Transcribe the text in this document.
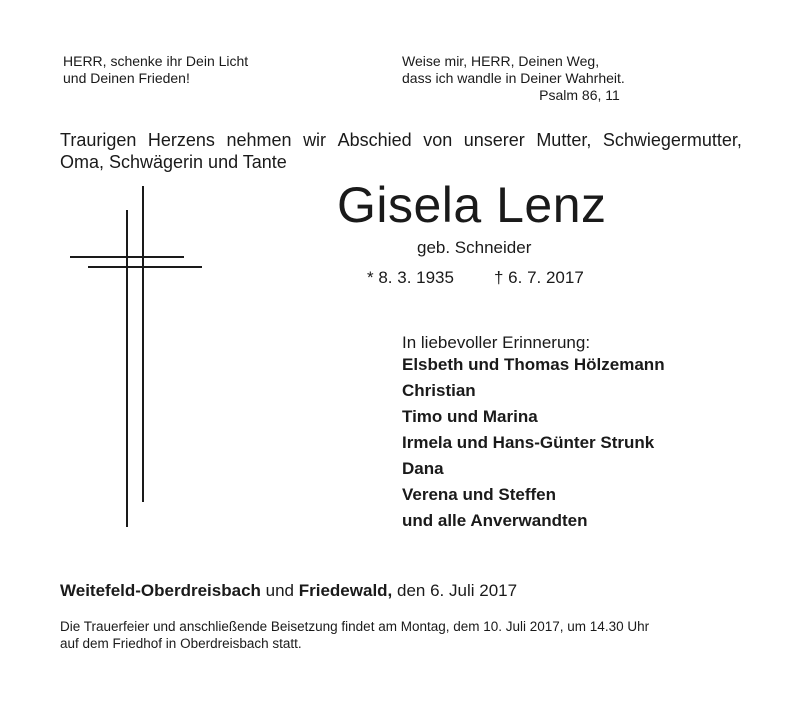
HERR, schenke ihr Dein Licht
und Deinen Frieden!
Weise mir, HERR, Deinen Weg,
dass ich wandle in Deiner Wahrheit.
Psalm 86, 11
Traurigen Herzens nehmen wir Abschied von unserer Mutter, Schwiegermutter,
Oma, Schwägerin und Tante
Gisela Lenz
geb. Schneider
* 8. 3. 1935 † 6. 7. 2017
In liebevoller Erinnerung:
Elsbeth und Thomas Hölzemann
Christian
Timo und Marina
Irmela und Hans-Günter Strunk
Dana
Verena und Steffen
und alle Anverwandten
Weitefeld-Oberdreisbach und Friedewald, den 6. Juli 2017
Die Trauerfeier und anschließende Beisetzung findet am Montag, dem 10. Juli 2017, um 14.30 Uhr
auf dem Friedhof in Oberdreisbach statt.
